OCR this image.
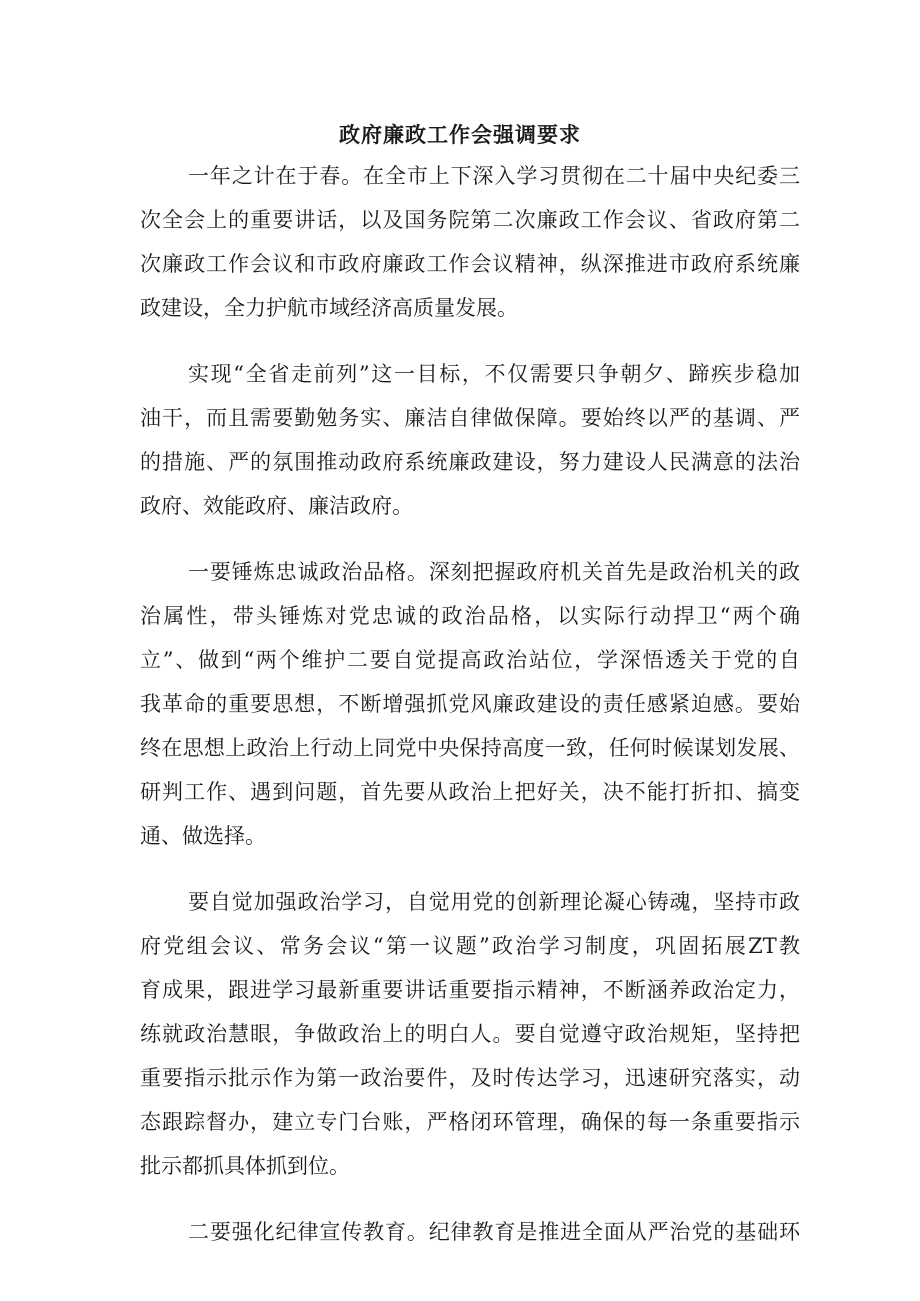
政府廉政工作会强调要求
一年之计在于春。在全市上下深入学习贯彻在二十届中央纪委三
次全会上的重要讲话，以及国务院第二次廉政工作会议、省政府第二
次廉政工作会议和市政府廉政工作会议精神，纵深推进市政府系统廉
政建设，全力护航市域经济高质量发展。
实现“全省走前列”这一目标，不仅需要只争朝夕、蹄疾步稳加
油干，而且需要勤勉务实、廉洁自律做保障。要始终以严的基调、严
的措施、严的氛围推动政府系统廉政建设，努力建设人民满意的法治
政府、效能政府、廉洁政府。
一要锤炼忠诚政治品格。深刻把握政府机关首先是政治机关的政
治属性，带头锤炼对党忠诚的政治品格，以实际行动捍卫“两个确
立”、做到“两个维护二要自觉提高政治站位，学深悟透关于党的自
我革命的重要思想，不断增强抓党风廉政建设的责任感紧迫感。要始
终在思想上政治上行动上同党中央保持高度一致，任何时候谋划发展、
研判工作、遇到问题，首先要从政治上把好关，决不能打折扣、搞变
通、做选择。
要自觉加强政治学习，自觉用党的创新理论凝心铸魂，坚持市政
府党组会议、常务会议“第一议题”政治学习制度，巩固拓展ZT教
育成果，跟进学习最新重要讲话重要指示精神，不断涵养政治定力，
练就政治慧眼，争做政治上的明白人。要自觉遵守政治规矩，坚持把
重要指示批示作为第一政治要件，及时传达学习，迅速研究落实，动
态跟踪督办，建立专门台账，严格闭环管理，确保的每一条重要指示
批示都抓具体抓到位。
二要强化纪律宣传教育。纪律教育是推进全面从严治党的基础环
